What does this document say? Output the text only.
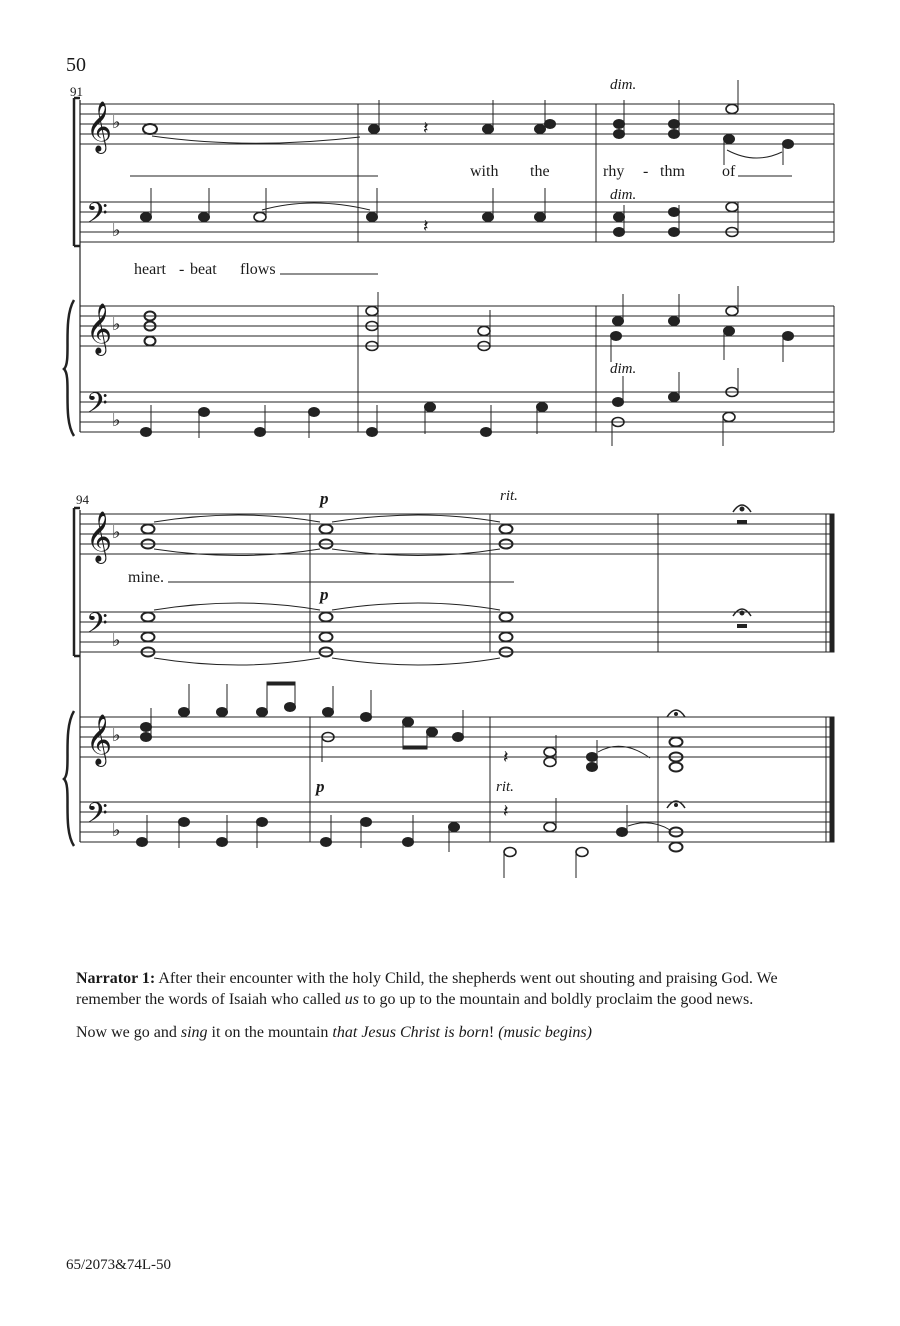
50
𝄞
𝄢
𝄞
𝄢
♭
♭
♭
♭
𝄽
𝄽
91	dim.
dim.
dim.
with the	rhy - thm of
heart - beat flows
𝄞
𝄢
𝄞
𝄢
♭
♭
♭
♭
𝄽
𝄽
94	p	rit.
p
p	rit.
mine.

Narrator 1: After their encounter with the holy Child, the shepherds went out shouting and praising God. We remember the words of Isaiah who called us to go up to the mountain and boldly proclaim the good news.

Now we go and sing it on the mountain that Jesus Christ is born! (music begins)

65/2073&74L-50
